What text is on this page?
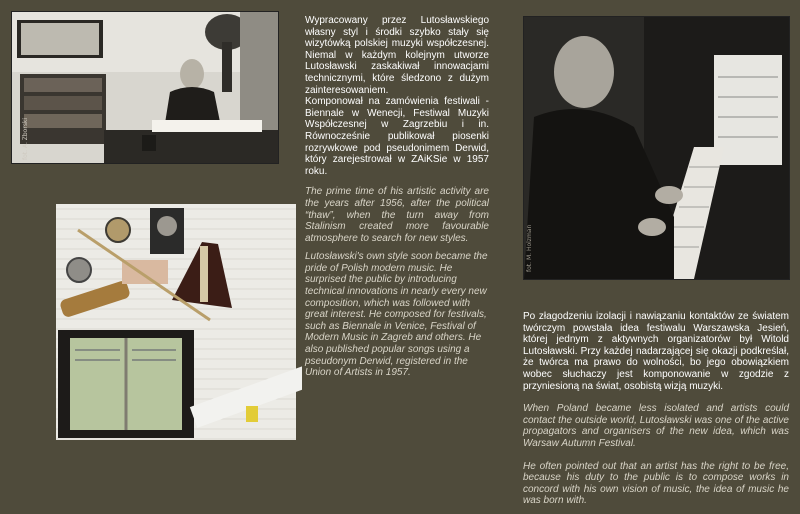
fot. A. Zborski
fot. M. Holzman

Wypracowany przez Lutosławskiego własny styl i środki szybko stały się wizytówką polskiej muzyki współczesnej. Niemal w każdym kolejnym utworze Lutosławski zaskakiwał innowacjami technicznymi, które śledzono z dużym zainteresowaniem.

Komponował na zamówienia festiwali - Biennale w Wenecji, Festiwal Muzyki Współczesnej w Zagrzebiu i in. Równocześnie publikował piosenki rozrywkowe pod pseudonimem Derwid, który zarejestrował w ZAiKSie w 1957 roku.

The prime time of his artistic activity are the years after 1956, after the political “thaw”, when the turn away from Stalinism created more favourable atmosphere to search for new styles.

Lutosławski's own style soon became the pride of Polish modern music. He surprised the public by introducing technical innovations in nearly every new composition, which was followed with great interest. He composed for festivals, such as Biennale in Venice, Festival of Modern Music in Zagreb and others. He also published popular songs using a pseudonym Derwid, registered in the Union of Artists in 1957.

Po złagodzeniu izolacji i nawiązaniu kontaktów ze światem twórczym powstała idea festiwalu Warszawska Jesień, której jednym z aktywnych organizatorów był Witold Lutosławski. Przy każdej nadarzającej się okazji podkreślał, że twórca ma prawo do wolności, bo jego obowiązkiem wobec słuchaczy jest komponowanie w zgodzie z przyniesioną na świat, osobistą wizją muzyki.

When Poland became less isolated and artists could contact the outside world, Lutosławski was one of the active propagators and organisers of the new idea, which was Warsaw Autumn Festival.

He often pointed out that an artist has the right to be free, because his duty to the public is to compose works in concord with his own vision of music, the idea of music he was born with.
